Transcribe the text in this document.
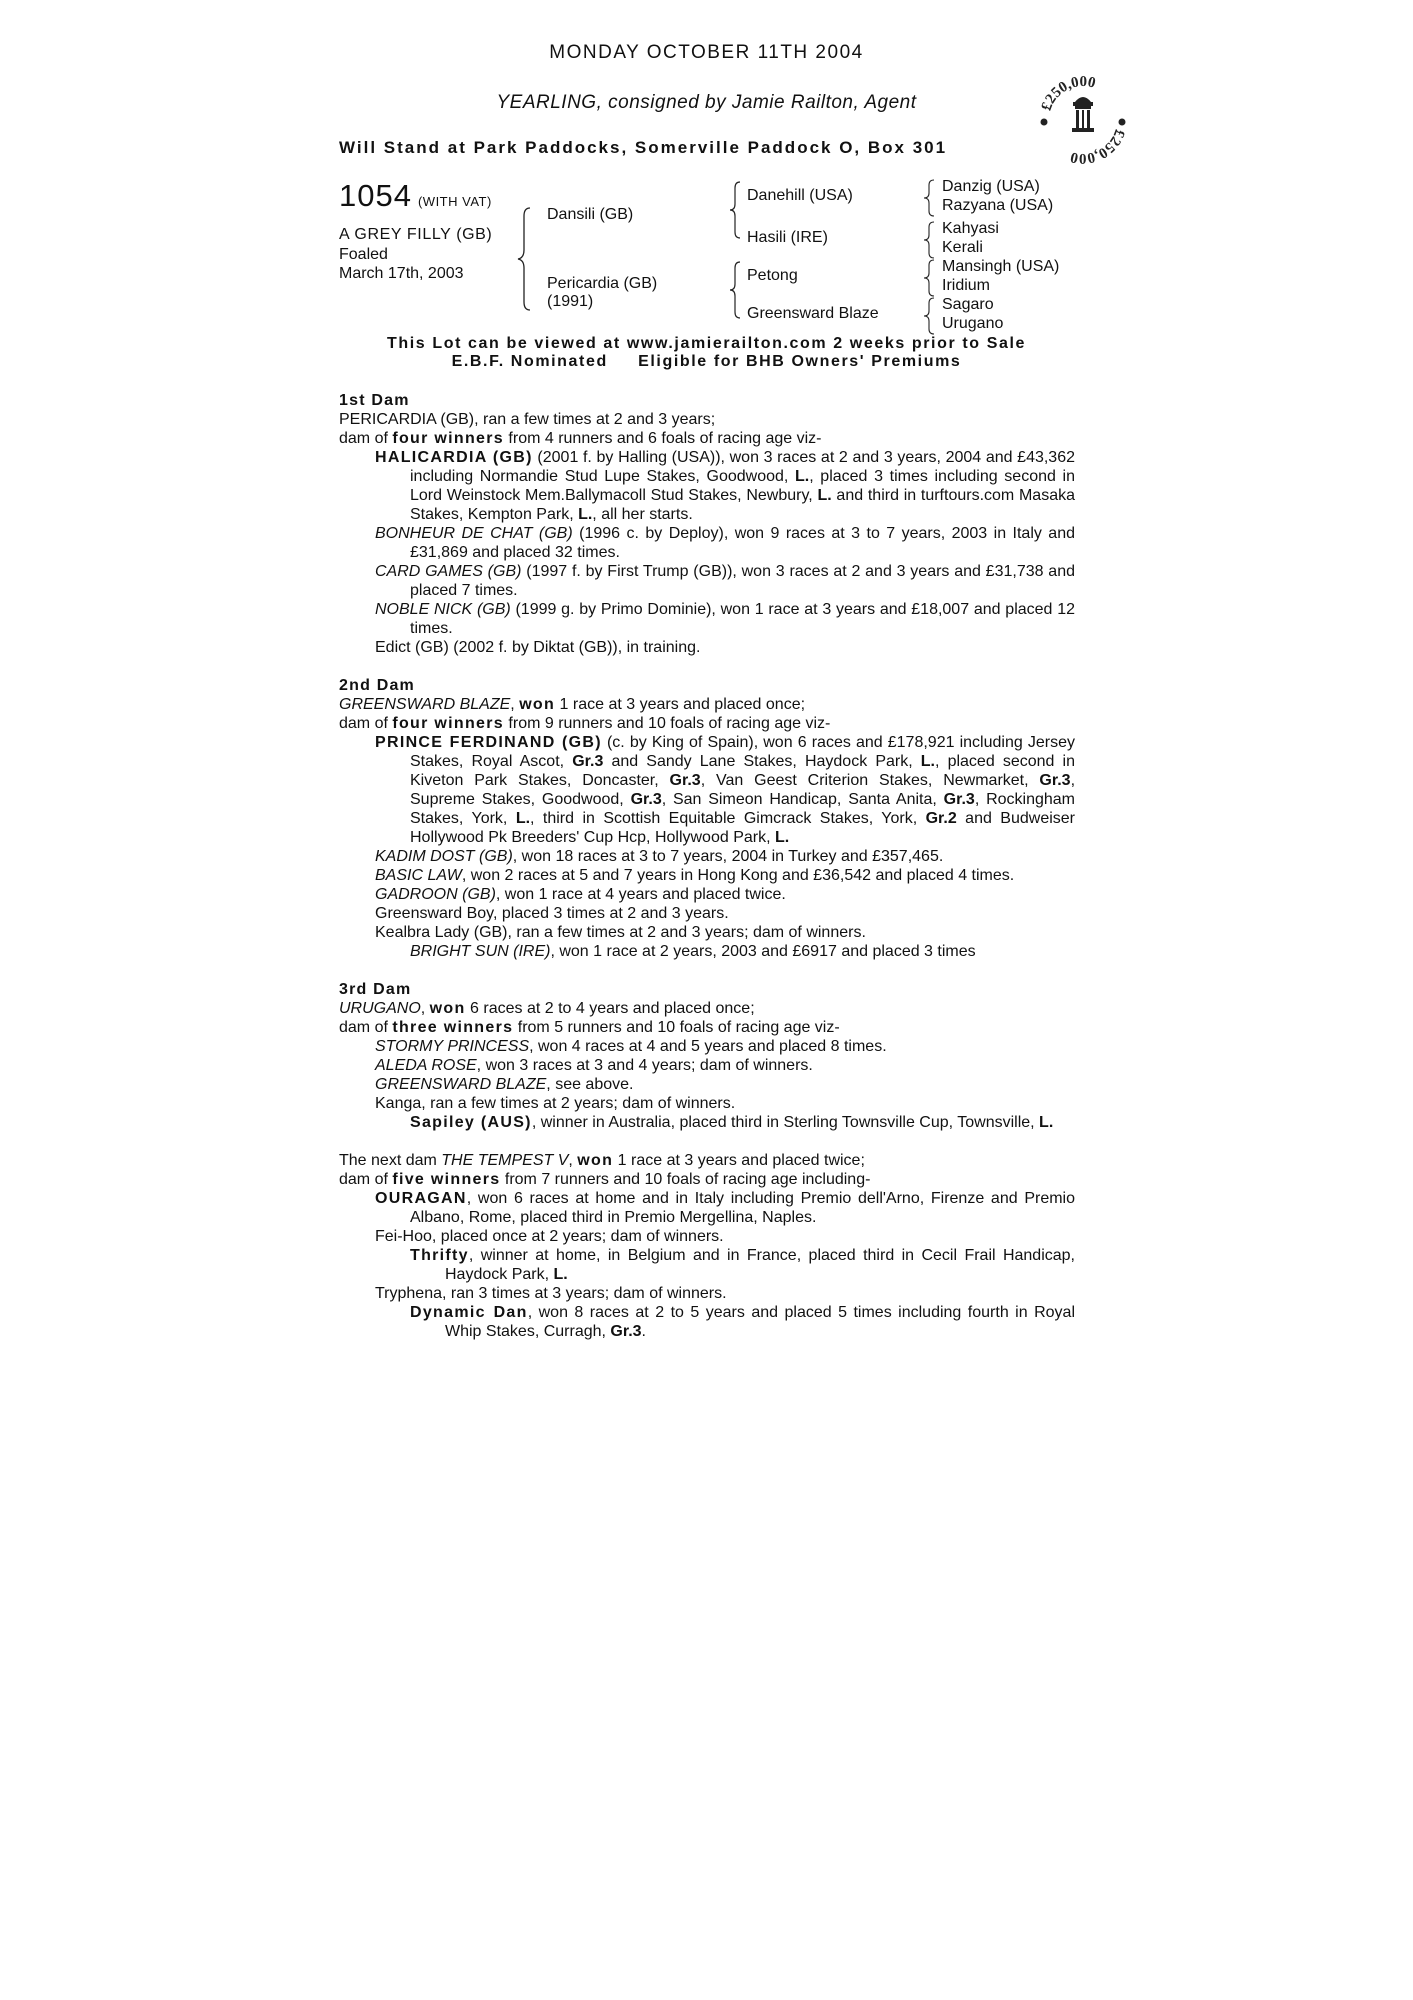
MONDAY OCTOBER 11TH 2004
YEARLING, consigned by Jamie Railton, Agent
Will Stand at Park Paddocks, Somerville Paddock O, Box 301
£250,000
£250,000
1054 (WITH VAT)
A GREY FILLY (GB)
Foaled
March 17th, 2003
Dansili (GB)
Pericardia (GB)
(1991)
Danehill (USA)
Hasili (IRE)
Petong
Greensward Blaze
Danzig (USA)
Razyana (USA)
Kahyasi
Kerali
Mansingh (USA)
Iridium
Sagaro
Urugano
This Lot can be viewed at www.jamierailton.com 2 weeks prior to Sale
E.B.F. Nominated     Eligible for BHB Owners' Premiums

1st Dam

PERICARDIA (GB), ran a few times at 2 and 3 years;

dam of four winners from 4 runners and 6 foals of racing age viz-

HALICARDIA (GB) (2001 f. by Halling (USA)), won 3 races at 2 and 3 years, 2004 and £43,362 including Normandie Stud Lupe Stakes, Goodwood, L., placed 3 times including second in Lord Weinstock Mem.Ballymacoll Stud Stakes, Newbury, L. and third in turftours.com Masaka Stakes, Kempton Park, L., all her starts.

BONHEUR DE CHAT (GB) (1996 c. by Deploy), won 9 races at 3 to 7 years, 2003 in Italy and £31,869 and placed 32 times.

CARD GAMES (GB) (1997 f. by First Trump (GB)), won 3 races at 2 and 3 years and £31,738 and placed 7 times.

NOBLE NICK (GB) (1999 g. by Primo Dominie), won 1 race at 3 years and £18,007 and placed 12 times.

Edict (GB) (2002 f. by Diktat (GB)), in training.

2nd Dam

GREENSWARD BLAZE, won 1 race at 3 years and placed once;

dam of four winners from 9 runners and 10 foals of racing age viz-

PRINCE FERDINAND (GB) (c. by King of Spain), won 6 races and £178,921 including Jersey Stakes, Royal Ascot, Gr.3 and Sandy Lane Stakes, Haydock Park, L., placed second in Kiveton Park Stakes, Doncaster, Gr.3, Van Geest Criterion Stakes, Newmarket, Gr.3, Supreme Stakes, Goodwood, Gr.3, San Simeon Handicap, Santa Anita, Gr.3, Rockingham Stakes, York, L., third in Scottish Equitable Gimcrack Stakes, York, Gr.2 and Budweiser Hollywood Pk Breeders' Cup Hcp, Hollywood Park, L.

KADIM DOST (GB), won 18 races at 3 to 7 years, 2004 in Turkey and £357,465.

BASIC LAW, won 2 races at 5 and 7 years in Hong Kong and £36,542 and placed 4 times.

GADROON (GB), won 1 race at 4 years and placed twice.

Greensward Boy, placed 3 times at 2 and 3 years.

Kealbra Lady (GB), ran a few times at 2 and 3 years; dam of winners.

BRIGHT SUN (IRE), won 1 race at 2 years, 2003 and £6917 and placed 3 times

3rd Dam

URUGANO, won 6 races at 2 to 4 years and placed once;

dam of three winners from 5 runners and 10 foals of racing age viz-

STORMY PRINCESS, won 4 races at 4 and 5 years and placed 8 times.

ALEDA ROSE, won 3 races at 3 and 4 years; dam of winners.

GREENSWARD BLAZE, see above.

Kanga, ran a few times at 2 years; dam of winners.

Sapiley (AUS), winner in Australia, placed third in Sterling Townsville Cup, Townsville, L.

The next dam THE TEMPEST V, won 1 race at 3 years and placed twice;

dam of five winners from 7 runners and 10 foals of racing age including-

OURAGAN, won 6 races at home and in Italy including Premio dell'Arno, Firenze and Premio Albano, Rome, placed third in Premio Mergellina, Naples.

Fei-Hoo, placed once at 2 years; dam of winners.

Thrifty, winner at home, in Belgium and in France, placed third in Cecil Frail Handicap, Haydock Park, L.

Tryphena, ran 3 times at 3 years; dam of winners.

Dynamic Dan, won 8 races at 2 to 5 years and placed 5 times including fourth in Royal Whip Stakes, Curragh, Gr.3.
